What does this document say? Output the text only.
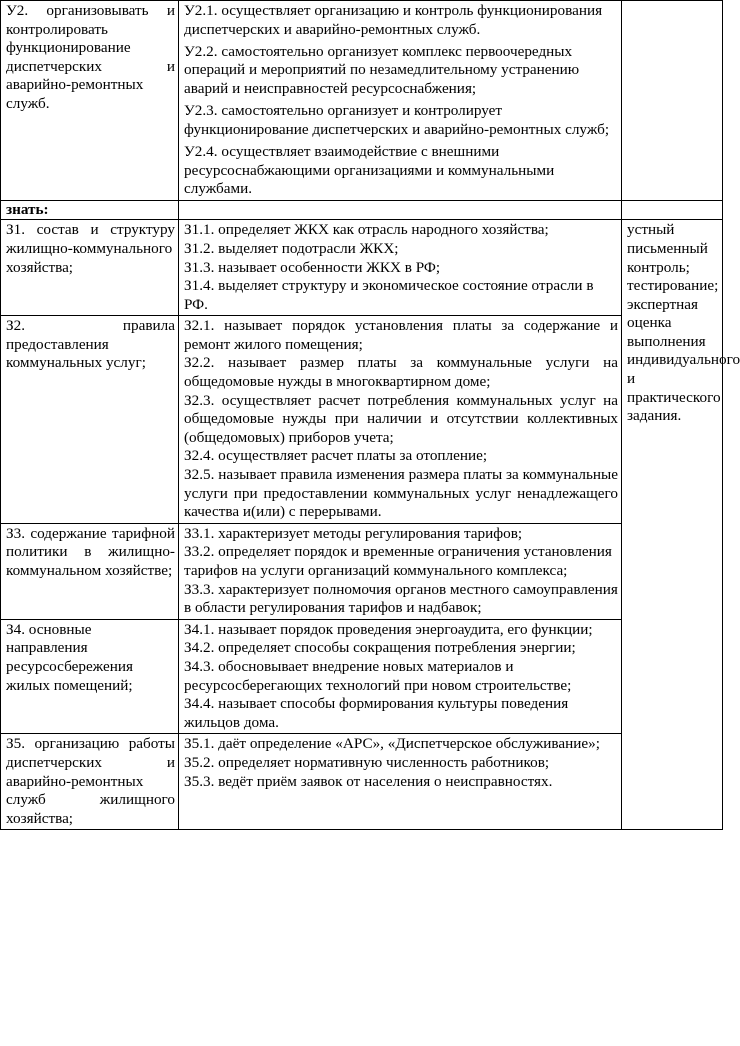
У2. организовывать и контролировать функционирование диспетчерских и аварийно-ремонтных служб.	У2.1. осуществляет организацию и контроль функционирования диспетчерских и аварийно-ремонтных служб.
У2.2. самостоятельно организует комплекс первоочередных операций и мероприятий по незамедлительному устранению аварий и неисправностей ресурсоснабжения;
У2.3. самостоятельно организует и контролирует функционирование диспетчерских и аварийно-ремонтных служб;
У2.4. осуществляет взаимодействие с внешними ресурсоснабжающими организациями и коммунальными службами.	

знать:		

З1. состав и структуру жилищно-коммунального хозяйства;	З1.1. определяет ЖКХ как отрасль народного хозяйства;
З1.2. выделяет подотрасли ЖКХ;
З1.3. называет особенности ЖКХ в РФ;
З1.4. выделяет структуру и экономическое состояние отрасли в РФ.	устный письменный контроль; тестирование; экспертная оценка выполнения индивидуального и практического задания.

З2. правила предоставления коммунальных услуг;	З2.1. называет порядок установления платы за содержание и ремонт жилого помещения;
З2.2. называет размер платы за коммунальные услуги на общедомовые нужды в многоквартирном доме;
З2.3. осуществляет расчет потребления коммунальных услуг на общедомовые нужды при наличии и отсутствии коллективных (общедомовых) приборов учета;
З2.4. осуществляет расчет платы за отопление;
З2.5. называет правила изменения размера платы за коммунальные услуги при предоставлении коммунальных услуг ненадлежащего качества и(или) с перерывами.	

З3. содержание тарифной политики в жилищно-коммунальном хозяйстве;	З3.1. характеризует методы регулирования тарифов;
З3.2. определяет порядок и временные ограничения установления тарифов на услуги организаций коммунального комплекса;
З3.3. характеризует полномочия органов местного самоуправления в области регулирования тарифов и надбавок;	

З4. основные направления ресурсосбережения жилых помещений;	З4.1. называет порядок проведения энергоаудита, его функции;
З4.2. определяет способы сокращения потребления энергии;
З4.3. обосновывает внедрение новых материалов и ресурсосберегающих технологий при новом строительстве;
З4.4. называет способы формирования культуры поведения жильцов дома.	

З5. организацию работы диспетчерских и аварийно-ремонтных служб жилищного хозяйства;	З5.1. даёт определение «АРС», «Диспетчерское обслуживание»;
З5.2. определяет нормативную численность работников;
З5.3. ведёт приём заявок от населения о неисправностях.	
